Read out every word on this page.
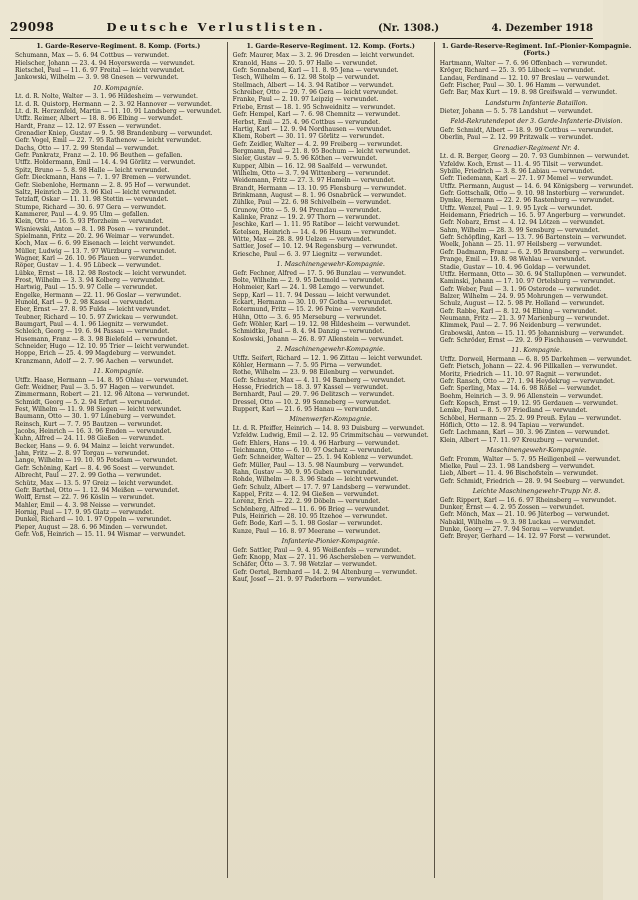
29098	Deutsche Verlustlisten.	(Nr. 1308.)	4. Dezember 1918
1. Garde-Reserve-Regiment. 8. Komp. (Forts.)
Schumann, Max — 5. 6. 94 Cottbus — verwundet.
Hielscher, Johann — 23. 4. 94 Hoyerswerda — verwundet.
Rietschel, Paul — 11. 6. 97 Freital — leicht verwundet.
Jankowski, Wilhelm — 3. 9. 98 Gnesen — verwundet.
10. Kompagnie.
Lt. d. R. Nolte, Walter — 3. 1. 96 Hildesheim — verwundet.
Lt. d. R. Quistorp, Hermann — 2. 3. 92 Hannover — verwundet.
Lt. d. R. Herzenfeld, Martin — 11. 10. 91 Landsberg — verwundet.
Utffz. Reimer, Albert — 18. 8. 96 Elbing — verwundet.
Hardt, Franz — 12. 12. 97 Essen — verwundet.
Grenadier Kniep, Gustav — 9. 5. 98 Brandenburg — verwundet.
Gefr. Vogel, Emil — 22. 7. 95 Rathenow — leicht verwundet.
Dachs, Otto — 17. 2. 99 Stendal — verwundet.
Gefr. Pankratz, Franz — 2. 10. 96 Beuthen — gefallen.
Utffz. Holdermann, Emil — 14. 4. 94 Görlitz — verwundet.
Spitz, Bruno — 5. 8. 98 Halle — leicht verwundet.
Gefr. Dieckmann, Hans — 7. 1. 97 Bremen — verwundet.
Gefr. Siebenlohe, Hermann — 2. 8. 95 Hof — verwundet.
Saltz, Heinrich — 29. 3. 96 Kiel — leicht verwundet.
Tetzlaff, Oskar — 11. 11. 98 Stettin — verwundet.
Stumpe, Richard — 30. 6. 97 Gera — verwundet.
Kammerer, Paul — 4. 9. 95 Ulm — gefallen.
Klein, Otto — 16. 5. 93 Pforzheim — verwundet.
Wisniewski, Anton — 8. 1. 98 Posen — verwundet.
Spielmann, Fritz — 20. 2. 96 Weimar — verwundet.
Koch, Max — 6. 6. 99 Eisenach — leicht verwundet.
Müller, Ludwig — 13. 7. 97 Würzburg — verwundet.
Wagner, Karl — 26. 10. 96 Plauen — verwundet.
Röper, Gustav — 1. 4. 95 Lübeck — verwundet.
Lübke, Ernst — 18. 12. 98 Rostock — leicht verwundet.
Frost, Wilhelm — 3. 3. 94 Kolberg — verwundet.
Hartwig, Paul — 15. 9. 97 Celle — verwundet.
Engelke, Hermann — 22. 11. 96 Goslar — verwundet.
Hunold, Karl — 9. 2. 98 Kassel — verwundet.
Eber, Ernst — 27. 8. 95 Fulda — leicht verwundet.
Teubner, Richard — 10. 5. 97 Zwickau — verwundet.
Baumgart, Paul — 4. 1. 96 Liegnitz — verwundet.
Schleich, Georg — 19. 6. 94 Passau — verwundet.
Husemann, Franz — 8. 3. 98 Bielefeld — verwundet.
Schneider, Hugo — 12. 10. 95 Trier — leicht verwundet.
Hoppe, Erich — 25. 4. 99 Magdeburg — verwundet.
Kranzmann, Adolf — 2. 7. 96 Aachen — verwundet.
11. Kompagnie.
Utffz. Haase, Hermann — 14. 8. 95 Ohlau — verwundet.
Gefr. Weidner, Paul — 3. 5. 97 Hagen — verwundet.
Zimmermann, Robert — 21. 12. 96 Altona — verwundet.
Schmidt, Georg — 5. 2. 94 Erfurt — verwundet.
Fest, Wilhelm — 11. 9. 98 Siegen — leicht verwundet.
Baumann, Otto — 30. 1. 97 Lüneburg — verwundet.
Reinsch, Kurt — 7. 7. 95 Bautzen — verwundet.
Jacobs, Heinrich — 16. 3. 96 Emden — verwundet.
Kuhn, Alfred — 24. 11. 98 Gießen — verwundet.
Becker, Hans — 9. 6. 94 Mainz — leicht verwundet.
Jahn, Fritz — 2. 8. 97 Torgau — verwundet.
Lange, Wilhelm — 19. 10. 95 Potsdam — verwundet.
Gefr. Schöning, Karl — 8. 4. 96 Soest — verwundet.
Albrecht, Paul — 27. 2. 99 Gotha — verwundet.
Schütz, Max — 13. 5. 97 Greiz — leicht verwundet.
Gefr. Barthel, Otto — 1. 12. 94 Meißen — verwundet.
Wolff, Ernst — 22. 7. 96 Köslin — verwundet.
Mahler, Emil — 4. 3. 98 Neisse — verwundet.
Hornig, Paul — 17. 9. 95 Glatz — verwundet.
Dunkel, Richard — 10. 1. 97 Oppeln — verwundet.
Pieper, August — 28. 6. 96 Minden — verwundet.
Gefr. Voß, Heinrich — 15. 11. 94 Wismar — verwundet.
1. Garde-Reserve-Regiment. 12. Komp. (Forts.)
Gefr. Maurer, Max — 3. 2. 96 Dresden — leicht verwundet.
Kranold, Hans — 20. 5. 97 Halle — verwundet.
Gefr. Sonnabend, Karl — 11. 8. 95 Jena — verwundet.
Tesch, Wilhelm — 6. 12. 98 Stolp — verwundet.
Stellmach, Albert — 14. 3. 94 Ratibor — verwundet.
Schreiber, Otto — 29. 7. 96 Gera — leicht verwundet.
Franke, Paul — 2. 10. 97 Leipzig — verwundet.
Friebe, Ernst — 18. 1. 95 Schweidnitz — verwundet.
Gefr. Hempel, Karl — 7. 6. 98 Chemnitz — verwundet.
Herbst, Emil — 25. 4. 96 Cottbus — verwundet.
Hartig, Karl — 12. 9. 94 Nordhausen — verwundet.
Kliem, Robert — 30. 11. 97 Görlitz — verwundet.
Gefr. Zeidler, Walter — 4. 2. 99 Freiberg — verwundet.
Bergmann, Paul — 21. 8. 95 Bochum — leicht verwundet.
Sieler, Gustav — 9. 5. 96 Köthen — verwundet.
Kupper, Albin — 16. 12. 98 Saalfeld — verwundet.
Wilhelm, Otto — 3. 7. 94 Wittenberg — verwundet.
Weidemann, Fritz — 27. 3. 97 Hameln — verwundet.
Brandt, Hermann — 13. 10. 95 Flensburg — verwundet.
Brinkmann, August — 8. 1. 96 Osnabrück — verwundet.
Zühlke, Paul — 22. 6. 98 Schivelbein — verwundet.
Grunow, Otto — 5. 9. 94 Prenzlau — verwundet.
Kalinke, Franz — 19. 2. 97 Thorn — verwundet.
Jeschke, Karl — 1. 11. 95 Ratibor — leicht verwundet.
Ketelsen, Heinrich — 14. 4. 96 Husum — verwundet.
Witte, Max — 28. 8. 99 Uelzen — verwundet.
Sattler, Josef — 10. 12. 94 Regensburg — verwundet.
Kriesche, Paul — 6. 3. 97 Liegnitz — verwundet.
1. Maschinengewehr-Kompagnie.
Gefr. Fechner, Alfred — 17. 5. 96 Bunzlau — verwundet.
Bolte, Wilhelm — 2. 9. 95 Detmold — verwundet.
Hohmeier, Karl — 24. 1. 98 Lemgo — verwundet.
Sepp, Karl — 11. 7. 94 Dessau — leicht verwundet.
Eckart, Hermann — 30. 10. 97 Gotha — verwundet.
Rotermund, Fritz — 15. 2. 96 Peine — verwundet.
Hühn, Otto — 3. 6. 95 Merseburg — verwundet.
Gefr. Wöhler, Karl — 19. 12. 98 Hildesheim — verwundet.
Schmidtke, Paul — 8. 4. 94 Danzig — verwundet.
Koslowski, Johann — 26. 8. 97 Allenstein — verwundet.
2. Maschinengewehr-Kompagnie.
Utffz. Seifert, Richard — 12. 1. 96 Zittau — leicht verwundet.
Köhler, Hermann — 7. 5. 95 Pirna — verwundet.
Rothe, Wilhelm — 23. 9. 98 Eilenburg — verwundet.
Gefr. Schuster, Max — 4. 11. 94 Bamberg — verwundet.
Hesse, Friedrich — 18. 3. 97 Kassel — verwundet.
Bernhardt, Paul — 29. 7. 96 Delitzsch — verwundet.
Dressel, Otto — 10. 2. 99 Sonneberg — verwundet.
Ruppert, Karl — 21. 6. 95 Hanau — verwundet.
Minenwerfer-Kompagnie.
Lt. d. R. Pfeiffer, Heinrich — 14. 8. 93 Duisburg — verwundet.
Vzfeldw. Ludwig, Emil — 2. 12. 95 Crimmitschau — verwundet.
Gefr. Ehlers, Hans — 19. 4. 96 Harburg — verwundet.
Teichmann, Otto — 6. 10. 97 Oschatz — verwundet.
Gefr. Schneider, Walter — 25. 1. 94 Koblenz — verwundet.
Gefr. Müller, Paul — 13. 5. 98 Naumburg — verwundet.
Rahn, Gustav — 30. 9. 95 Guben — verwundet.
Rohde, Wilhelm — 8. 3. 96 Stade — leicht verwundet.
Gefr. Schulz, Albert — 17. 7. 97 Landsberg — verwundet.
Kappel, Fritz — 4. 12. 94 Gießen — verwundet.
Lorenz, Erich — 22. 2. 99 Döbeln — verwundet.
Schönberg, Alfred — 11. 6. 96 Brieg — verwundet.
Puls, Heinrich — 28. 10. 95 Itzehoe — verwundet.
Gefr. Bode, Karl — 5. 1. 98 Goslar — verwundet.
Kunze, Paul — 16. 8. 97 Meerane — verwundet.
Infanterie-Pionier-Kompagnie.
Gefr. Sattler, Paul — 9. 4. 95 Weißenfels — verwundet.
Gefr. Knopp, Max — 27. 11. 96 Aschersleben — verwundet.
Schäfer, Otto — 3. 7. 98 Wetzlar — verwundet.
Gefr. Oertel, Bernhard — 14. 2. 94 Altenburg — verwundet.
Kauf, Josef — 21. 9. 97 Paderborn — verwundet.
1. Garde-Reserve-Regiment. Inf.-Pionier-Kompagnie. (Forts.)
Hartmann, Walter — 7. 6. 96 Offenbach — verwundet.
Kröger, Richard — 25. 3. 95 Lübeck — verwundet.
Landau, Ferdinand — 12. 10. 97 Breslau — verwundet.
Gefr. Fischer, Paul — 30. 1. 96 Hamm — verwundet.
Gefr. Bar, Max Kurt — 19. 8. 98 Greifswald — verwundet.
Landsturm Infanterie Bataillon.
Dieter, Johann — 5. 5. 78 Landshut — verwundet.
Feld-Rekrutendepot der 3. Garde-Infanterie-Division.
Gefr. Schmidt, Albert — 18. 9. 99 Cottbus — verwundet.
Oberlin, Paul — 2. 12. 99 Pritzwalk — verwundet.
Grenadier-Regiment Nr. 4.
Lt. d. R. Berger, Georg — 20. 7. 93 Gumbinnen — verwundet.
Vzfeldw. Koch, Ernst — 11. 4. 95 Tilsit — verwundet.
Sybille, Friedrich — 3. 8. 96 Labiau — verwundet.
Gefr. Tiedemann, Karl — 27. 1. 97 Memel — verwundet.
Utffz. Piermann, August — 14. 6. 94 Königsberg — verwundet.
Gefr. Gottschalk, Otto — 9. 10. 98 Insterburg — verwundet.
Dymke, Hermann — 22. 2. 96 Rastenburg — verwundet.
Utffz. Wenzel, Paul — 1. 9. 95 Lyck — verwundet.
Heidemann, Friedrich — 16. 5. 97 Angerburg — verwundet.
Gefr. Nobarz, Ernst — 4. 12. 94 Lötzen — verwundet.
Sahm, Wilhelm — 28. 3. 99 Sensburg — verwundet.
Gefr. Schöpfling, Karl — 13. 7. 96 Bartenstein — verwundet.
Woelk, Johann — 25. 11. 97 Heilsberg — verwundet.
Gefr. Dadmann, Franz — 6. 2. 95 Braunsberg — verwundet.
Prange, Emil — 19. 8. 98 Wehlau — verwundet.
Stadie, Gustav — 10. 4. 96 Goldap — verwundet.
Utffz. Hermann, Otto — 30. 6. 94 Stallupönen — verwundet.
Kaminski, Johann — 17. 10. 97 Ortelsburg — verwundet.
Gefr. Weber, Paul — 3. 1. 96 Osterode — verwundet.
Balzer, Wilhelm — 24. 9. 95 Mohrungen — verwundet.
Schulz, August — 12. 5. 98 Pr. Holland — verwundet.
Gefr. Rabbe, Karl — 8. 12. 94 Elbing — verwundet.
Neumann, Fritz — 21. 3. 97 Marienburg — verwundet.
Klimmek, Paul — 2. 7. 96 Neidenburg — verwundet.
Grabowski, Anton — 15. 11. 95 Johannisburg — verwundet.
Gefr. Schröder, Ernst — 29. 2. 99 Fischhausen — verwundet.
11. Kompagnie.
Utffz. Dorweil, Hermann — 6. 8. 95 Darkehmen — verwundet.
Gefr. Pietsch, Johann — 22. 4. 96 Pillkallen — verwundet.
Moritz, Friedrich — 11. 10. 97 Ragnit — verwundet.
Gefr. Ransch, Otto — 27. 1. 94 Heydekrug — verwundet.
Gefr. Sperling, Max — 14. 6. 98 Rößel — verwundet.
Boehm, Heinrich — 3. 9. 96 Allenstein — verwundet.
Gefr. Kopsch, Ernst — 19. 12. 95 Gerdauen — verwundet.
Lemke, Paul — 8. 5. 97 Friedland — verwundet.
Schöbel, Hermann — 25. 2. 99 Preuß. Eylau — verwundet.
Höflich, Otto — 12. 8. 94 Tapiau — verwundet.
Gefr. Lachmann, Karl — 30. 3. 96 Zinten — verwundet.
Klein, Albert — 17. 11. 97 Kreuzburg — verwundet.
Maschinengewehr-Kompagnie.
Gefr. Fromm, Walter — 5. 7. 95 Heiligenbeil — verwundet.
Mielke, Paul — 23. 1. 98 Landsberg — verwundet.
Lieb, Albert — 11. 4. 96 Bischofstein — verwundet.
Gefr. Schmidt, Friedrich — 28. 9. 94 Seeburg — verwundet.
Leichte Maschinengewehr-Trupp Nr. 8.
Gefr. Rippert, Karl — 16. 6. 97 Rheinsberg — verwundet.
Dunker, Ernst — 4. 2. 95 Zossen — verwundet.
Gefr. Mönch, Max — 21. 10. 96 Jüterbog — verwundet.
Nabakil, Wilhelm — 9. 3. 98 Luckau — verwundet.
Dunke, Georg — 27. 7. 94 Sorau — verwundet.
Gefr. Breyer, Gerhard — 14. 12. 97 Forst — verwundet.
